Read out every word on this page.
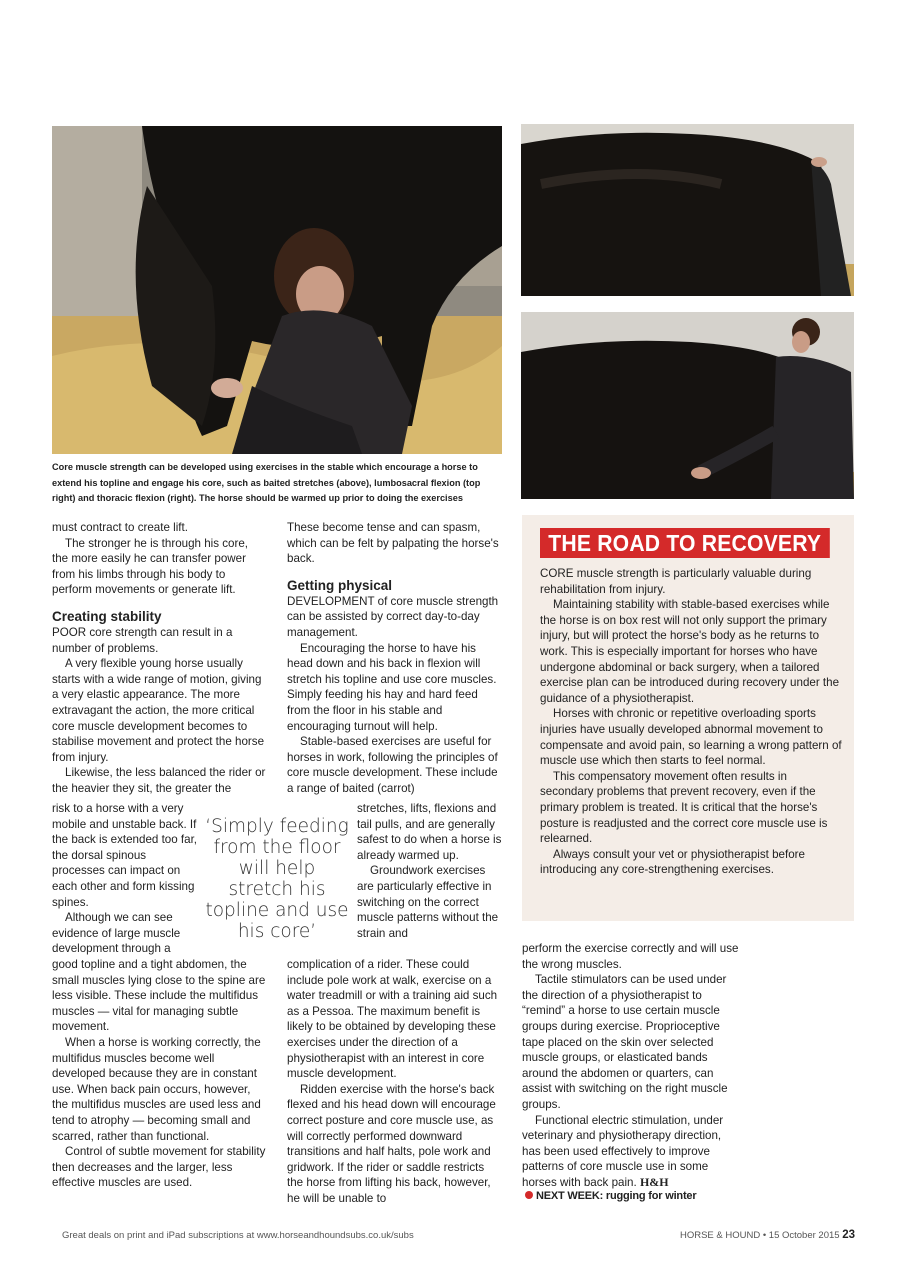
Core muscle strength can be developed using exercises in the stable which encourage a horse to extend his topline and engage his core, such as baited stretches (above), lumbosacral flexion (top right) and thoracic flexion (right). The horse should be warmed up prior to doing the exercises

must contract to create lift.

The stronger he is through his core, the more easily he can transfer power from his limbs through his body to perform movements or generate lift.

Creating stability

POOR core strength can result in a number of problems.

A very flexible young horse usually starts with a wide range of motion, giving a very elastic appearance. The more extravagant the action, the more critical core muscle development becomes to stabilise movement and protect the horse from injury.

Likewise, the less balanced the rider or the heavier they sit, the greater the

risk to a horse with a very mobile and unstable back. If the back is extended too far, the dorsal spinous processes can impact on each other and form kissing spines.

Although we can see evidence of large muscle development through a

good topline and a tight abdomen, the small muscles lying close to the spine are less visible. These include the multifidus muscles — vital for managing subtle movement.

When a horse is working correctly, the multifidus muscles become well developed because they are in constant use. When back pain occurs, however, the multifidus muscles are used less and tend to atrophy — becoming small and scarred, rather than functional.

Control of subtle movement for stability then decreases and the larger, less effective muscles are used.

‘Simply feeding from the floor will help stretch his topline and use his core’

These become tense and can spasm, which can be felt by palpating the horse's back.

Getting physical

DEVELOPMENT of core muscle strength can be assisted by correct day-to-day management.

Encouraging the horse to have his head down and his back in flexion will stretch his topline and use core muscles. Simply feeding his hay and hard feed from the floor in his stable and encouraging turnout will help.

Stable-based exercises are useful for horses in work, following the principles of core muscle development. These include a range of baited (carrot)

stretches, lifts, flexions and tail pulls, and are generally safest to do when a horse is already warmed up.

Groundwork exercises are particularly effective in switching on the correct muscle patterns without the strain and

complication of a rider. These could include pole work at walk, exercise on a water treadmill or with a training aid such as a Pessoa. The maximum benefit is likely to be obtained by developing these exercises under the direction of a physiotherapist with an interest in core muscle development.

Ridden exercise with the horse's back flexed and his head down will encourage correct posture and core muscle use, as will correctly performed downward transitions and half halts, pole work and gridwork. If the rider or saddle restricts the horse from lifting his back, however, he will be unable to

THE ROAD TO RECOVERY

CORE muscle strength is particularly valuable during rehabilitation from injury.

Maintaining stability with stable-based exercises while the horse is on box rest will not only support the primary injury, but will protect the horse's body as he returns to work. This is especially important for horses who have undergone abdominal or back surgery, when a tailored exercise plan can be introduced during recovery under the guidance of a physiotherapist.

Horses with chronic or repetitive overloading sports injuries have usually developed abnormal movement to compensate and avoid pain, so learning a wrong pattern of muscle use which then starts to feel normal.

This compensatory movement often results in secondary problems that prevent recovery, even if the primary problem is treated. It is critical that the horse's posture is readjusted and the correct core muscle use is relearned.

Always consult your vet or physiotherapist before introducing any core-strengthening exercises.

perform the exercise correctly and will use the wrong muscles.

Tactile stimulators can be used under the direction of a physiotherapist to “remind” a horse to use certain muscle groups during exercise. Proprioceptive tape placed on the skin over selected muscle groups, or elasticated bands around the abdomen or quarters, can assist with switching on the right muscle groups.

Functional electric stimulation, under veterinary and physiotherapy direction, has been used effectively to improve patterns of core muscle use in some horses with back pain. H&H

NEXT WEEK: rugging for winter
Great deals on print and iPad subscriptions at www.horseandhoundsubs.co.uk/subs	HORSE & HOUND • 15 October 2015 23
